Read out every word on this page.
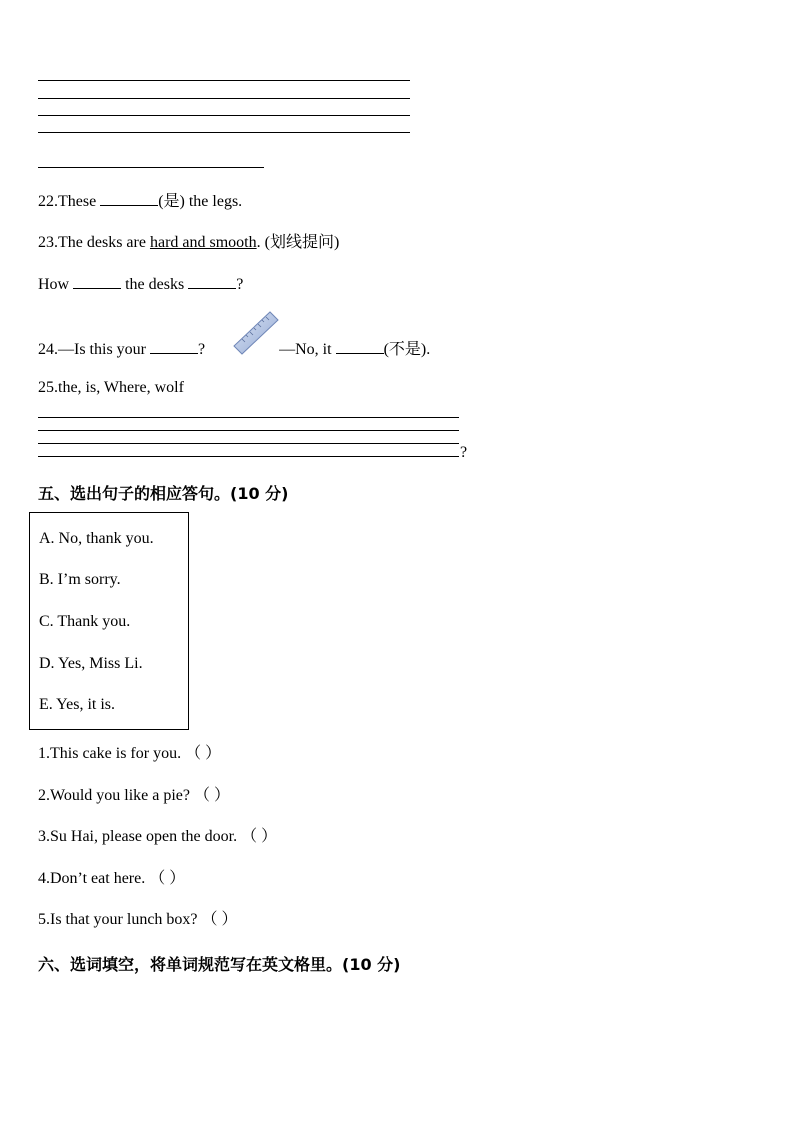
22.These	(是) the legs.
23.The desks are hard and smooth. (划线提问)
How	the desks	?
24.—Is this your	?	—No, it	(不是).
25.the, is, Where, wolf
?
五、选出句子的相应答句。(10 分)
A. No, thank you.
B. I’m sorry.
C. Thank you.
D. Yes, Miss Li.
E. Yes, it is.
1.This cake is for you. （ ）
2.Would you like a pie? （ ）
3.Su Hai, please open the door. （ ）
4.Don’t eat here. （ ）
5.Is that your lunch box? （ ）
六、选词填空，将单词规范写在英文格里。(10 分)
